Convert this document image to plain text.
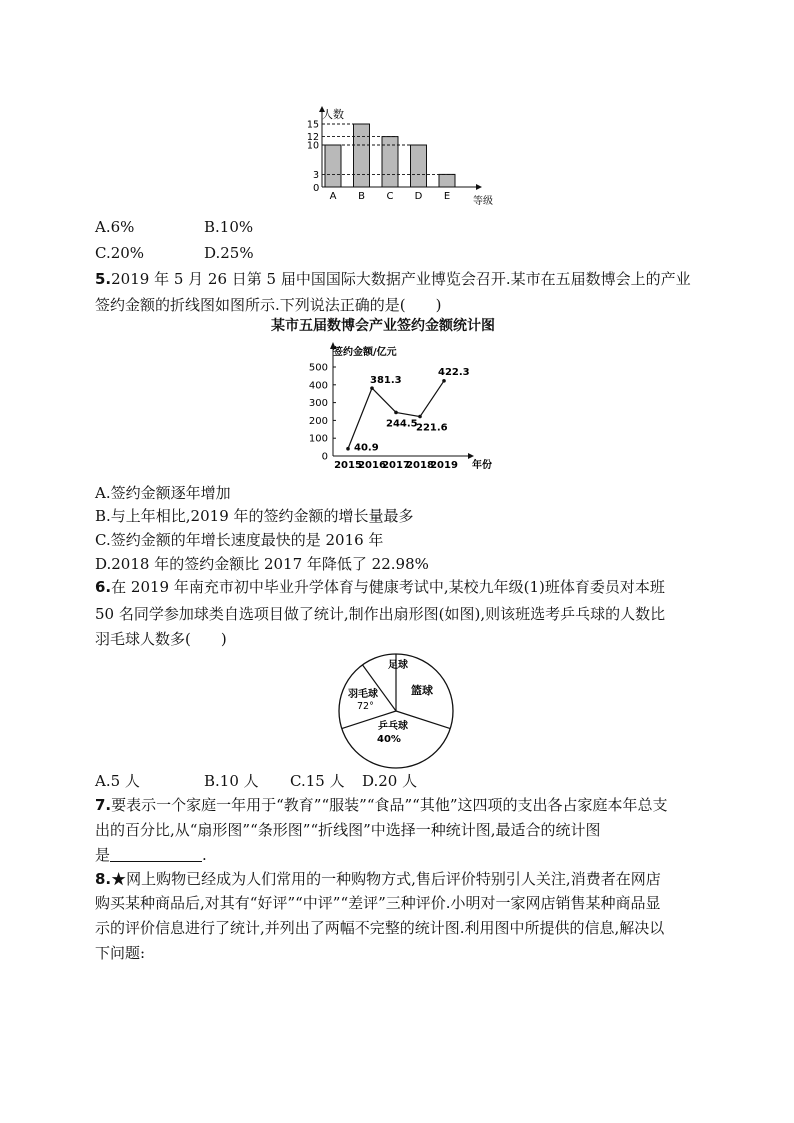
0
3
10
12
15
A B C D E
人数
等级
A.6%	B.10%
C.20%	D.25%
5.2019 年 5 月 26 日第 5 届中国国际大数据产业博览会召开.某市在五届数博会上的产业
签约金额的折线图如图所示.下列说法正确的是(　　)
某市五届数博会产业签约金额统计图
0
100
200
300
400
500
40.9
2015
381.3
2016
244.5
2017
221.6
2018
422.3
2019
签约金额/亿元
年份
A.签约金额逐年增加
B.与上年相比,2019 年的签约金额的增长量最多
C.签约金额的年增长速度最快的是 2016 年
D.2018 年的签约金额比 2017 年降低了 22.98%
6.在 2019 年南充市初中毕业升学体育与健康考试中,某校九年级(1)班体育委员对本班
50 名同学参加球类自选项目做了统计,制作出扇形图(如图),则该班选考乒乓球的人数比
羽毛球人数多(　　)
足球
篮球
羽毛球
72°
乒乓球
40%
A.5 人	B.10 人 C.15 人 D.20 人
7.要表示一个家庭一年用于“教育”“服装”“食品”“其他”这四项的支出各占家庭本年总支
出的百分比,从“扇形图”“条形图”“折线图”中选择一种统计图,最适合的统计图
是	.
8.★网上购物已经成为人们常用的一种购物方式,售后评价特别引人关注,消费者在网店
购买某种商品后,对其有“好评”“中评”“差评”三种评价.小明对一家网店销售某种商品显
示的评价信息进行了统计,并列出了两幅不完整的统计图.利用图中所提供的信息,解决以
下问题:
